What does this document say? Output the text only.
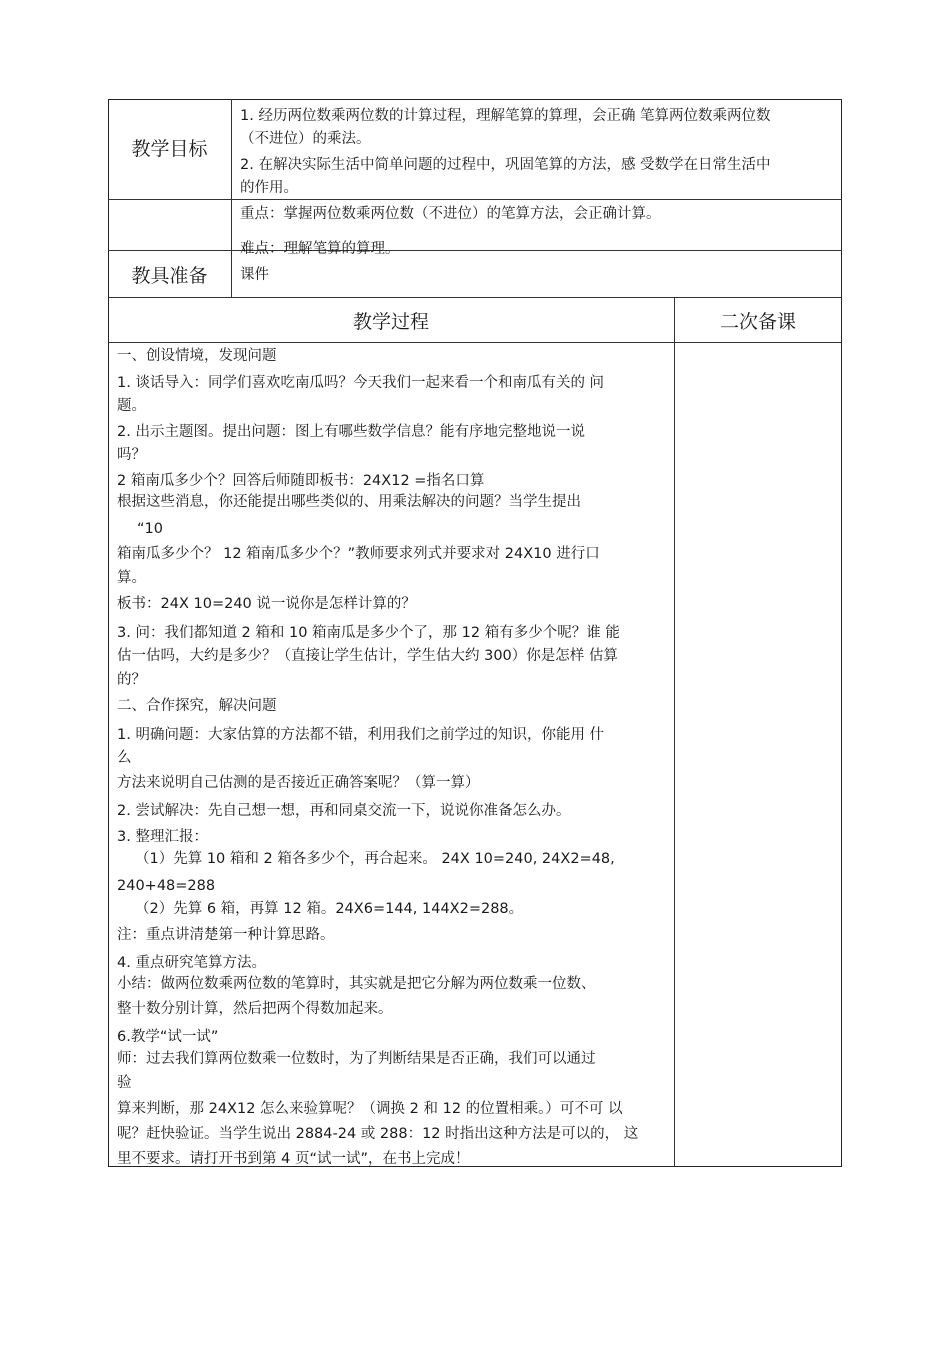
教学目标
1. 经历两位数乘两位数的计算过程，理解笔算的算理，会正确 笔算两位数乘两位数
（不进位）的乘法。
2. 在解决实际生活中简单问题的过程中，巩固笔算的方法，感 受数学在日常生活中
的作用。
重点：掌握两位数乘两位数（不进位）的笔算方法，会正确计算。
难点：理解笔算的算理。
教具准备	课件
教学过程	二次备课
一、创设情境，发现问题
1. 谈话导入：同学们喜欢吃南瓜吗？今天我们一起来看一个和南瓜有关的 问
题。
2. 出示主题图。提出问题：图上有哪些数学信息？能有序地完整地说一说
吗？
2 箱南瓜多少个？回答后师随即板书：24X12 =指名口算
根据这些消息，你还能提出哪些类似的、用乘法解决的问题？当学生提出
“10
箱南瓜多少个？ 12 箱南瓜多少个？”教师要求列式并要求对 24X10 进行口
算。
板书：24X 10=240 说一说你是怎样计算的？
3. 问：我们都知道 2 箱和 10 箱南瓜是多少个了，那 12 箱有多少个呢？谁 能
估一估吗，大约是多少？（直接让学生估计，学生估大约 300）你是怎样 估算
的？
二、合作探究，解决问题
1. 明确问题：大家估算的方法都不错，利用我们之前学过的知识，你能用 什
么
方法来说明自己估测的是否接近正确答案呢？（算一算）
2. 尝试解决：先自己想一想，再和同桌交流一下，说说你准备怎么办。
3. 整理汇报：
（1）先算 10 箱和 2 箱各多少个，再合起来。 24X 10=240, 24X2=48,
240+48=288
（2）先算 6 箱，再算 12 箱。24X6=144, 144X2=288。
注：重点讲清楚第一种计算思路。
4. 重点研究笔算方法。
小结：做两位数乘两位数的笔算时，其实就是把它分解为两位数乘一位数、
整十数分别计算，然后把两个得数加起来。
6.教学“试一试”
师：过去我们算两位数乘一位数时，为了判断结果是否正确，我们可以通过
验
算来判断，那 24X12 怎么来验算呢？（调换 2 和 12 的位置相乘。）可不可 以
呢？赶快验证。当学生说出 2884-24 或 288：12 时指出这种方法是可以的， 这
里不要求。请打开书到第 4 页“试一试”，在书上完成！
